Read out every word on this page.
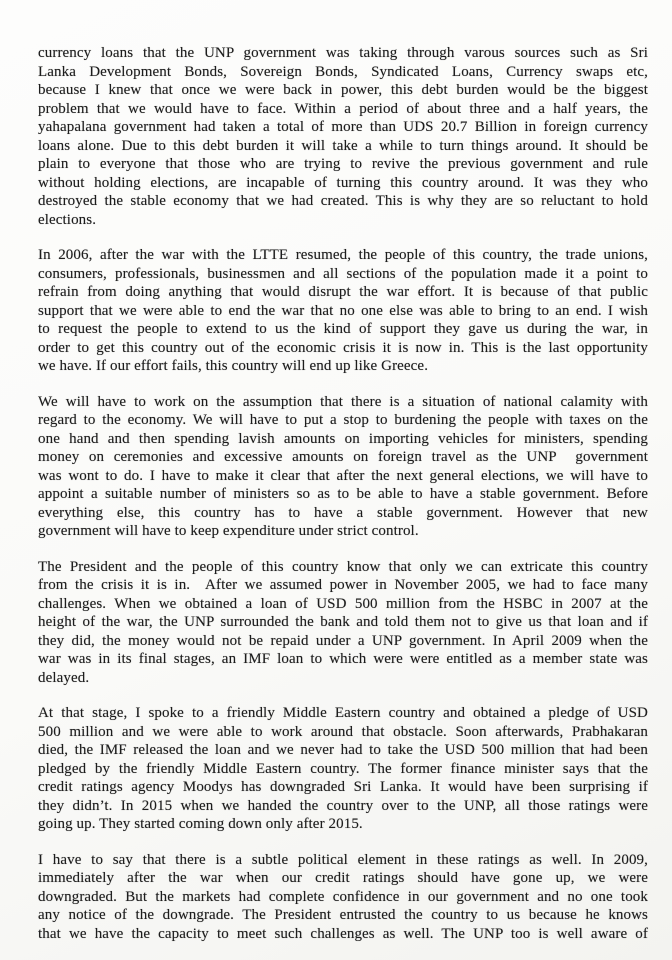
currency loans that the UNP government was taking through varous sources such as Sri
Lanka Development Bonds, Sovereign Bonds, Syndicated Loans, Currency swaps etc,
because I knew that once we were back in power, this debt burden would be the biggest
problem that we would have to face. Within a period of about three and a half years, the
yahapalana government had taken a total of more than UDS 20.7 Billion in foreign currency
loans alone. Due to this debt burden it will take a while to turn things around. It should be
plain to everyone that those who are trying to revive the previous government and rule
without holding elections, are incapable of turning this country around. It was they who
destroyed the stable economy that we had created. This is why they are so reluctant to hold
elections.
In 2006, after the war with the LTTE resumed, the people of this country, the trade unions,
consumers, professionals, businessmen and all sections of the population made it a point to
refrain from doing anything that would disrupt the war effort. It is because of that public
support that we were able to end the war that no one else was able to bring to an end. I wish
to request the people to extend to us the kind of support they gave us during the war, in
order to get this country out of the economic crisis it is now in. This is the last opportunity
we have. If our effort fails, this country will end up like Greece.
We will have to work on the assumption that there is a situation of national calamity with
regard to the economy. We will have to put a stop to burdening the people with taxes on the
one hand and then spending lavish amounts on importing vehicles for ministers, spending
money on ceremonies and excessive amounts on foreign travel as the UNP  government
was wont to do. I have to make it clear that after the next general elections, we will have to
appoint a suitable number of ministers so as to be able to have a stable government. Before
everything else, this country has to have a stable government. However that new
government will have to keep expenditure under strict control.
The President and the people of this country know that only we can extricate this country
from the crisis it is in.  After we assumed power in November 2005, we had to face many
challenges. When we obtained a loan of USD 500 million from the HSBC in 2007 at the
height of the war, the UNP surrounded the bank and told them not to give us that loan and if
they did, the money would not be repaid under a UNP government. In April 2009 when the
war was in its final stages, an IMF loan to which were were entitled as a member state was
delayed.
At that stage, I spoke to a friendly Middle Eastern country and obtained a pledge of USD
500 million and we were able to work around that obstacle. Soon afterwards, Prabhakaran
died, the IMF released the loan and we never had to take the USD 500 million that had been
pledged by the friendly Middle Eastern country. The former finance minister says that the
credit ratings agency Moodys has downgraded Sri Lanka. It would have been surprising if
they didn’t. In 2015 when we handed the country over to the UNP, all those ratings were
going up. They started coming down only after 2015.
I have to say that there is a subtle political element in these ratings as well. In 2009,
immediately after the war when our credit ratings should have gone up, we were
downgraded. But the markets had complete confidence in our government and no one took
any notice of the downgrade. The President entrusted the country to us because he knows
that we have the capacity to meet such challenges as well. The UNP too is well aware of
